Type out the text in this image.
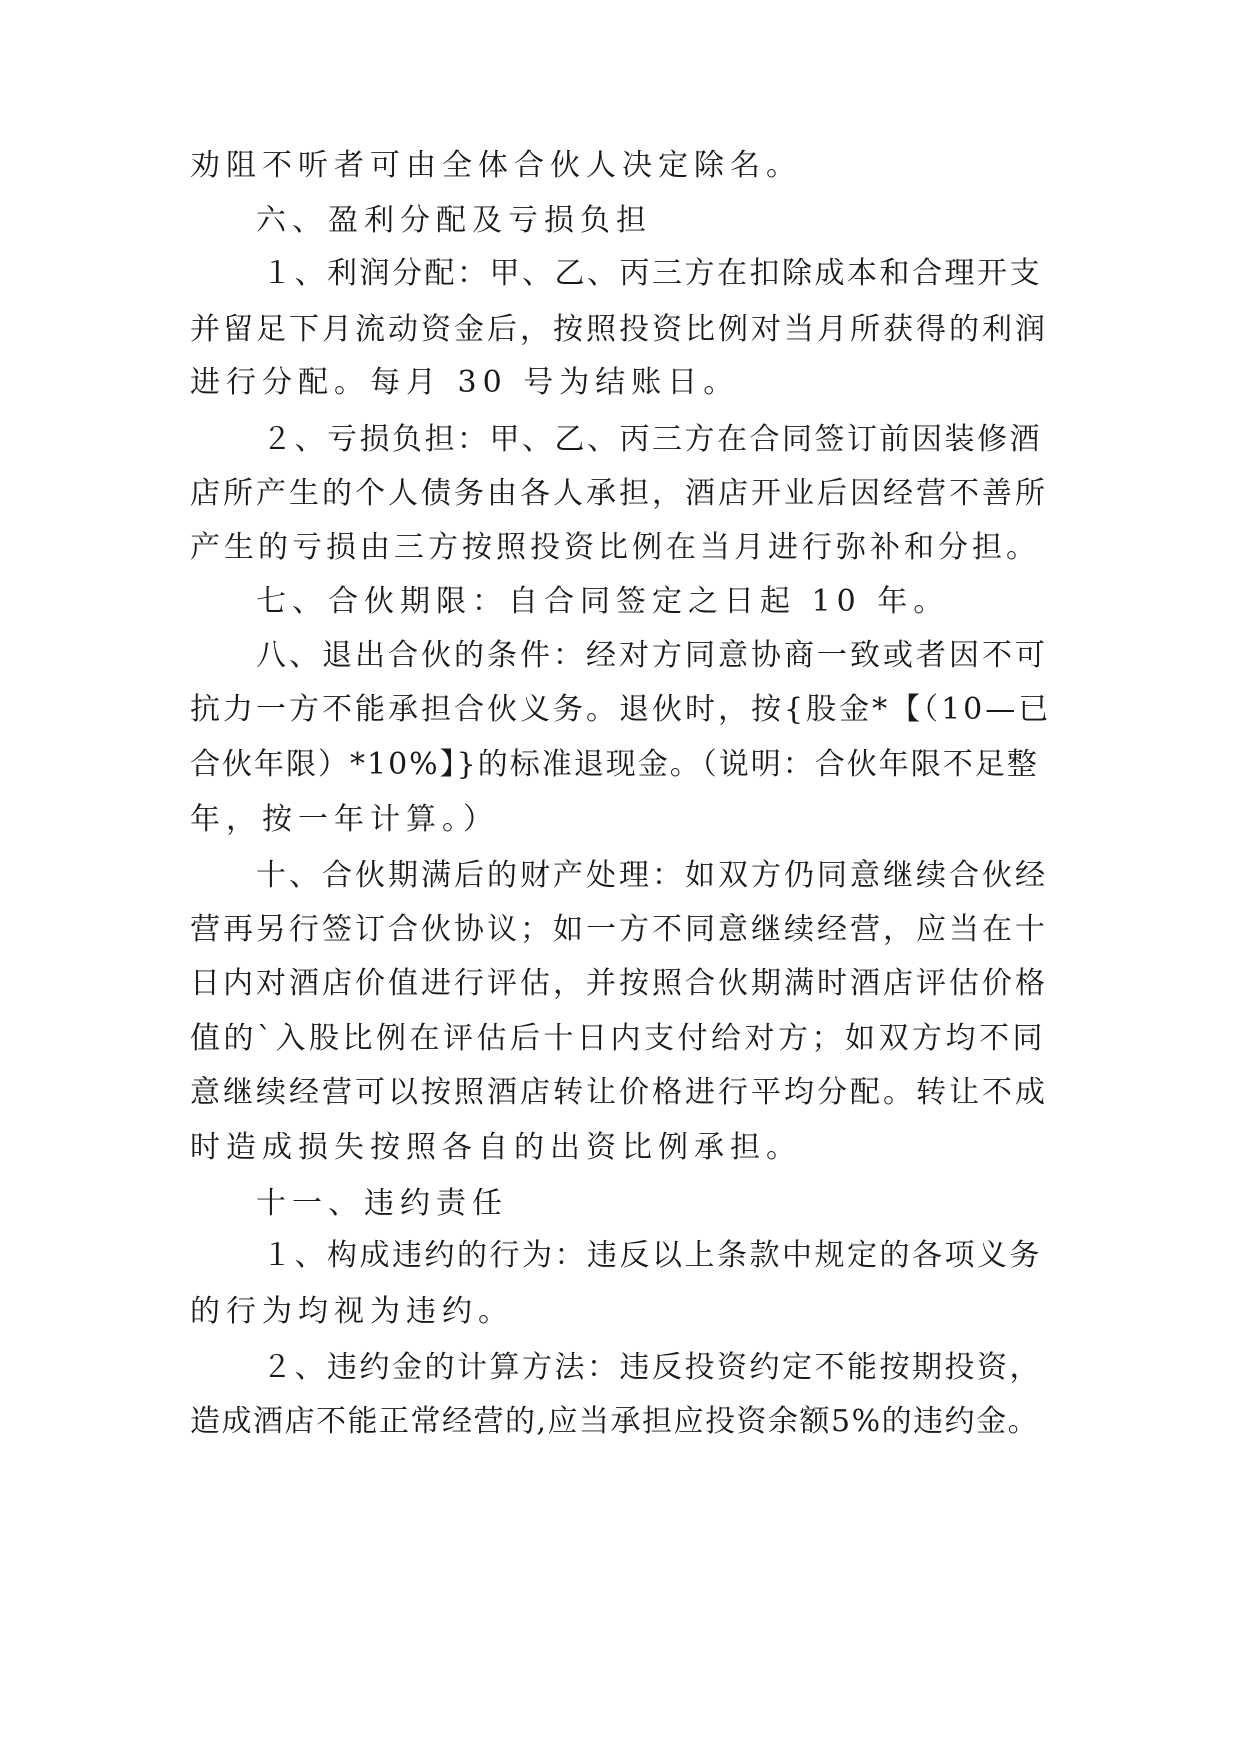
劝阻不听者可由全体合伙人决定除名。

六、盈利分配及亏损负担

１、利润分配：甲、乙、丙三方在扣除成本和合理开支

并留足下月流动资金后，按照投资比例对当月所获得的利润

进行分配。每月 30 号为结账日。

２、亏损负担：甲、乙、丙三方在合同签订前因装修酒

店所产生的个人债务由各人承担，酒店开业后因经营不善所

产生的亏损由三方按照投资比例在当月进行弥补和分担。

七、合伙期限：自合同签定之日起 10 年。

八、退出合伙的条件：经对方同意协商一致或者因不可

抗力一方不能承担合伙义务。退伙时，按{股金*【（10—已

合伙年限）*10%】}的标准退现金。（说明：合伙年限不足整

年，按一年计算。）

十、合伙期满后的财产处理：如双方仍同意继续合伙经

营再另行签订合伙协议；如一方不同意继续经营，应当在十

日内对酒店价值进行评估，并按照合伙期满时酒店评估价格

值的`入股比例在评估后十日内支付给对方；如双方均不同

意继续经营可以按照酒店转让价格进行平均分配。转让不成

时造成损失按照各自的出资比例承担。

十一、违约责任

１、构成违约的行为：违反以上条款中规定的各项义务

的行为均视为违约。

２、违约金的计算方法：违反投资约定不能按期投资，

造成酒店不能正常经营的,应当承担应投资余额5%的违约金。
